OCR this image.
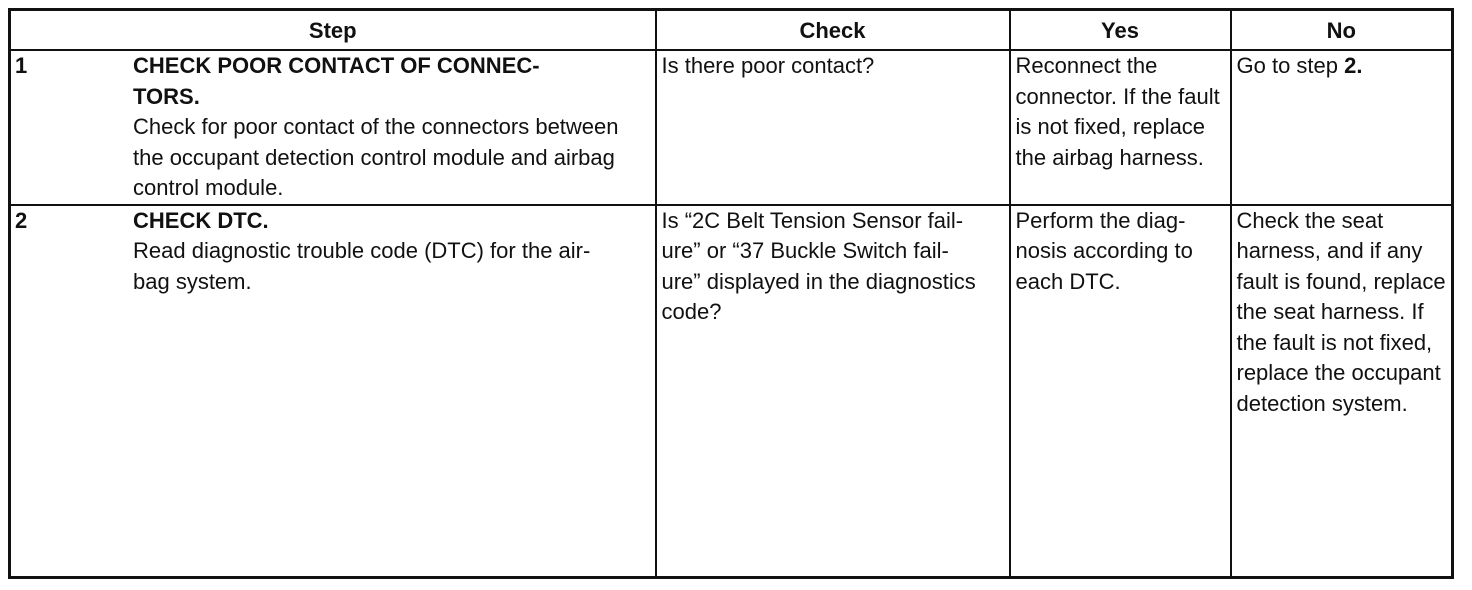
Step	Check	Yes	No

1 CHECK POOR CONTACT OF CONNEC-
TORS.
Check for poor contact of the connectors between the occupant detection control module and airbag control module.	Is there poor contact?	Reconnect the connector. If the fault is not fixed, replace the airbag harness.	Go to step 2.

2 CHECK DTC.
Read diagnostic trouble code (DTC) for the air-
bag system.	Is “2C Belt Tension Sensor fail-
ure” or “37 Buckle Switch fail-
ure” displayed in the diagnostics code?	Perform the diag-
nosis according to each DTC.	Check the seat harness, and if any fault is found, replace the seat harness. If the fault is not fixed, replace the occupant detection system.
